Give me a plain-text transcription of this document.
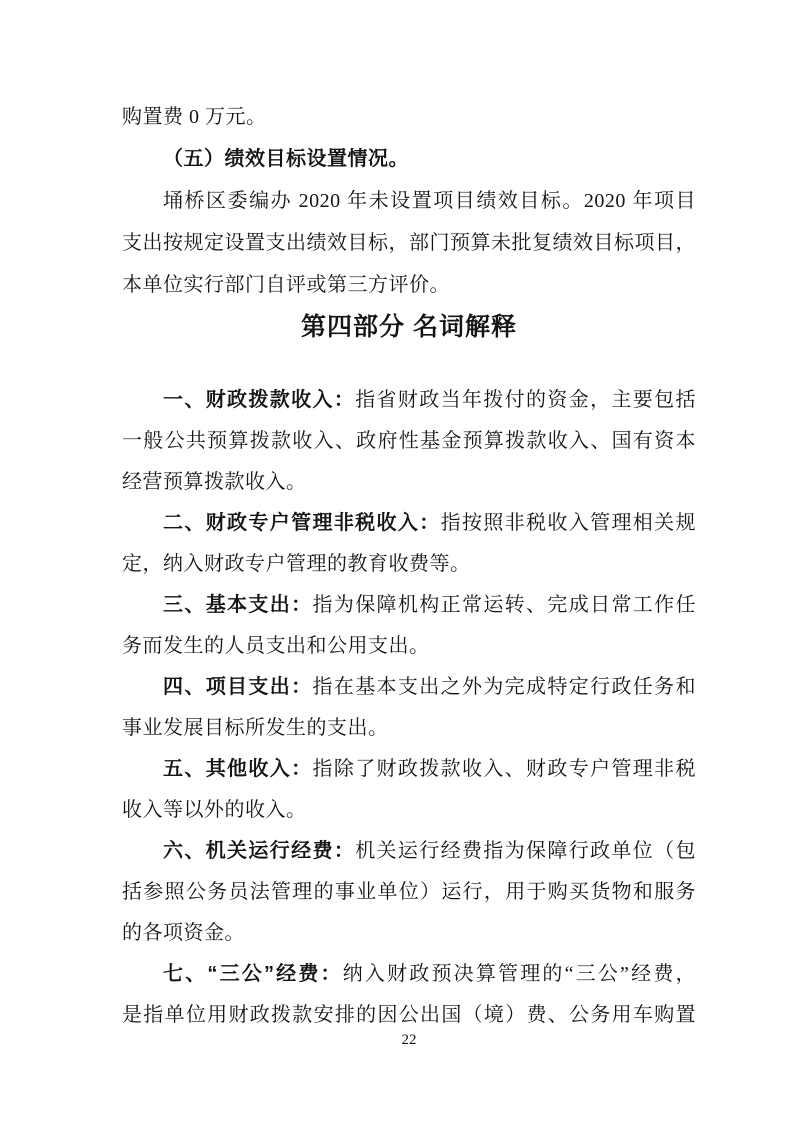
购置费 0 万元。
（五）绩效目标设置情况。
埇桥区委编办 2020 年未设置项目绩效目标。2020 年项目
支出按规定设置支出绩效目标，部门预算未批复绩效目标项目，
本单位实行部门自评或第三方评价。
第四部分 名词解释
一、财政拨款收入：指省财政当年拨付的资金，主要包括
一般公共预算拨款收入、政府性基金预算拨款收入、国有资本
经营预算拨款收入。
二、财政专户管理非税收入：指按照非税收入管理相关规
定，纳入财政专户管理的教育收费等。
三、基本支出：指为保障机构正常运转、完成日常工作任
务而发生的人员支出和公用支出。
四、项目支出：指在基本支出之外为完成特定行政任务和
事业发展目标所发生的支出。
五、其他收入：指除了财政拨款收入、财政专户管理非税
收入等以外的收入。
六、机关运行经费：机关运行经费指为保障行政单位（包
括参照公务员法管理的事业单位）运行，用于购买货物和服务
的各项资金。
七、“三公”经费：纳入财政预决算管理的“三公”经费，
是指单位用财政拨款安排的因公出国（境）费、公务用车购置
22
